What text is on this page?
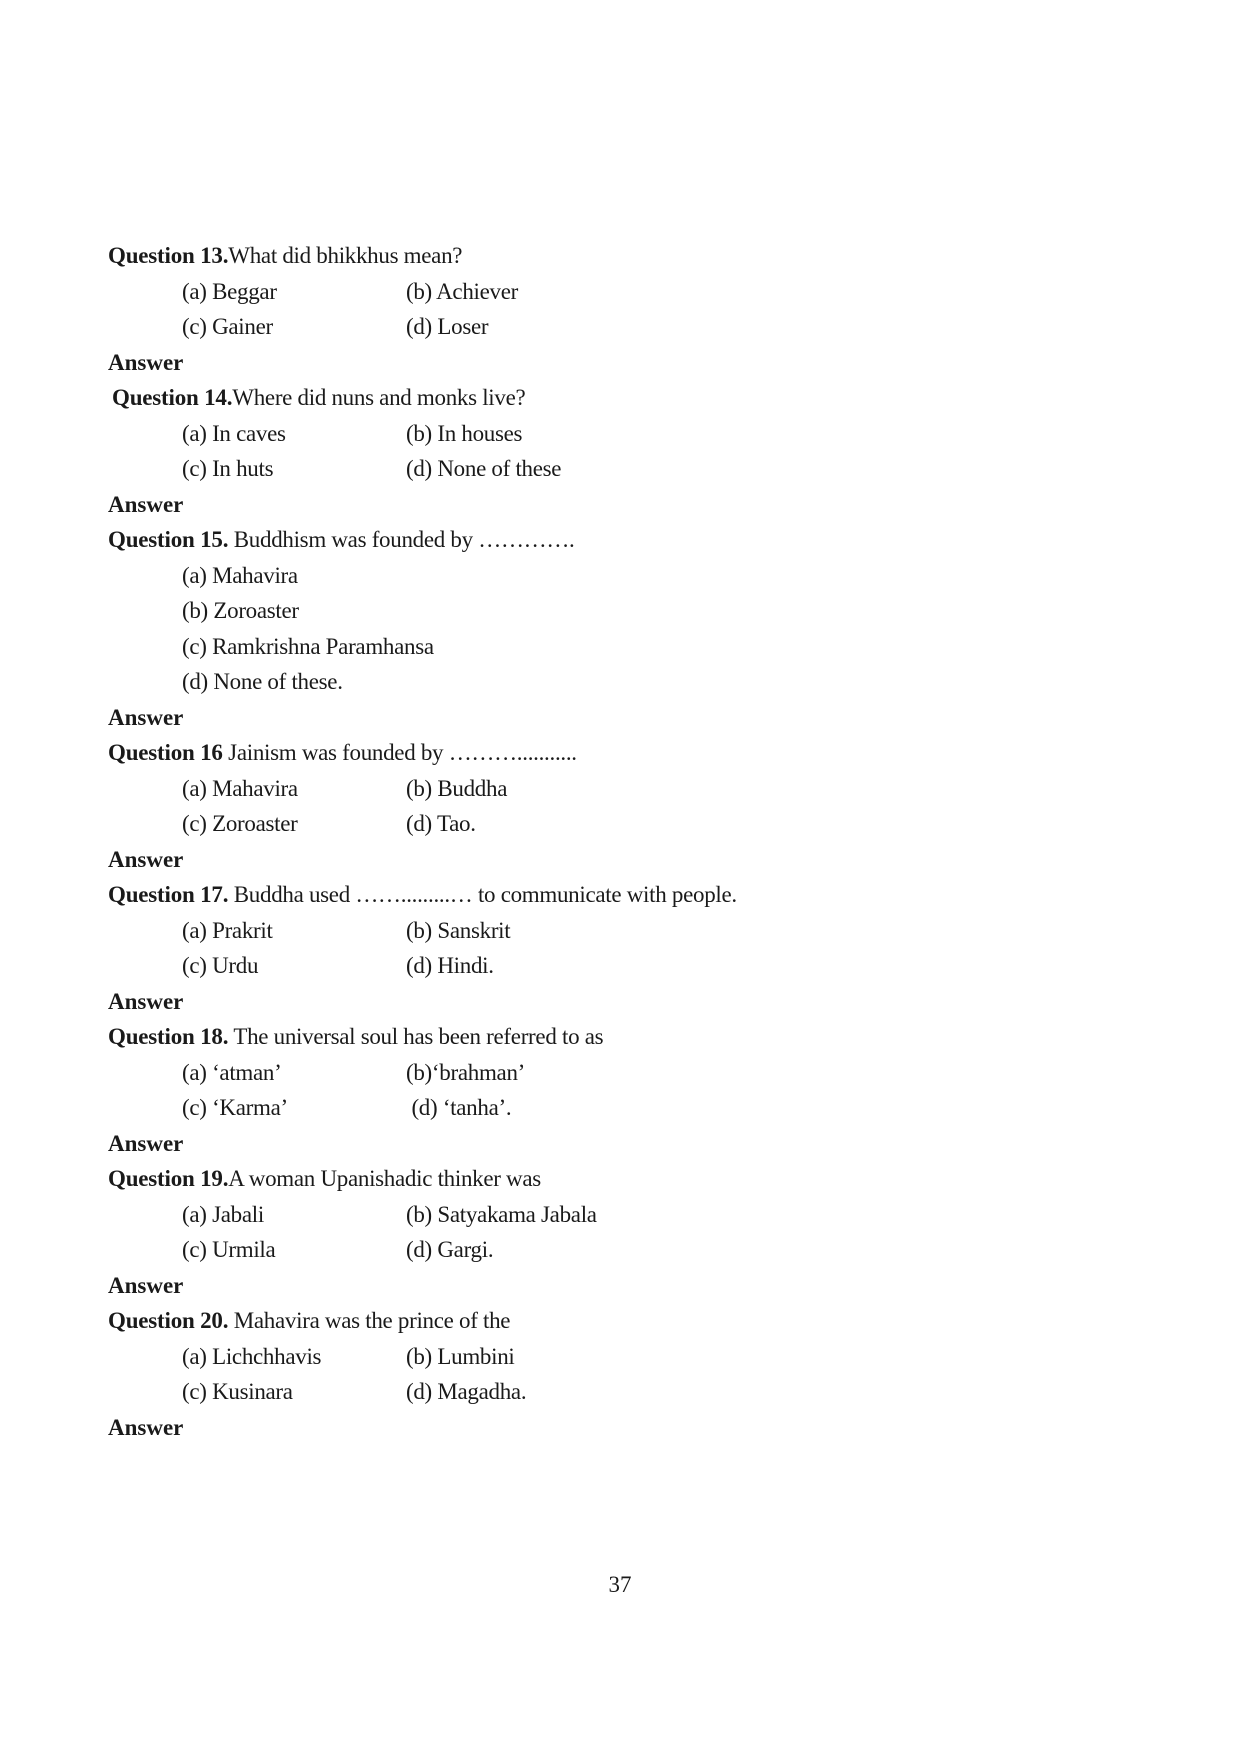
Question 13.What did bhikkhus mean?
(a) Beggar	(b) Achiever
(c) Gainer	(d) Loser
Answer
Question 14.Where did nuns and monks live?
(a) In caves	(b) In houses
(c) In huts	(d) None of these
Answer
Question 15. Buddhism was founded by ………….
(a) Mahavira
(b) Zoroaster
(c) Ramkrishna Paramhansa
(d) None of these.
Answer
Question 16 Jainism was founded by ………...........
(a) Mahavira	(b) Buddha
(c) Zoroaster	(d) Tao.
Answer
Question 17. Buddha used …….........… to communicate with people.
(a) Prakrit	(b) Sanskrit
(c) Urdu	(d) Hindi.
Answer
Question 18. The universal soul has been referred to as
(a) ‘atman’	(b)‘brahman’
(c) ‘Karma’	(d) ‘tanha’.
Answer
Question 19.A woman Upanishadic thinker was
(a) Jabali	(b) Satyakama Jabala
(c) Urmila	(d) Gargi.
Answer
Question 20. Mahavira was the prince of the
(a) Lichchhavis	(b) Lumbini
(c) Kusinara	(d) Magadha.
Answer
37
